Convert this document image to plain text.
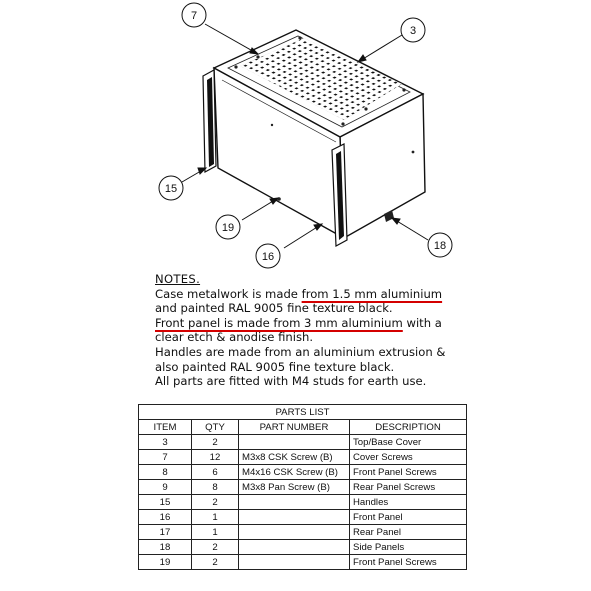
7
3
15
19
16
18
NOTES.
Case metalwork is made from 1.5 mm aluminium
and painted RAL 9005 fine texture black.
Front panel is made from 3 mm aluminium with a
clear etch & anodise finish.
Handles are made from an aluminium extrusion &
also painted RAL 9005 fine texture black.
All parts are fitted with M4 studs for earth use.
PARTS LIST			
ITEM	QTY	PART NUMBER	DESCRIPTION
3	2		Top/Base Cover
7	12	M3x8 CSK Screw (B)	Cover Screws
8	6	M4x16 CSK Screw (B)	Front Panel Screws
9	8	M3x8 Pan Screw (B)	Rear Panel Screws
15	2		Handles
16	1		Front Panel
17	1		Rear Panel
18	2		Side Panels
19	2		Front Panel Screws
